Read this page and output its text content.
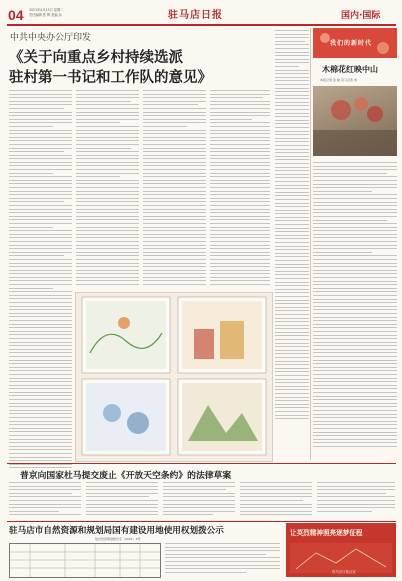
04 2021年4月13日 星期二
责任编辑 张 辉 美编 孙	驻马店日报	国内·国际
中共中央办公厅印发
《关于向重点乡村持续选派
驻村第一书记和工作队的意见》
我们的新时代
木棉花红映中山
本报记者 张 晓 见习记者 刘
普京向国家杜马提交废止《开放天空条约》的法律草案
驻马店市自然资源和规划局国有建设用地使用权划拨公示
驻自然资规划拨告字〔2021〕5号
让英烈精神照亮逐梦征程
驻马店日报社宣
